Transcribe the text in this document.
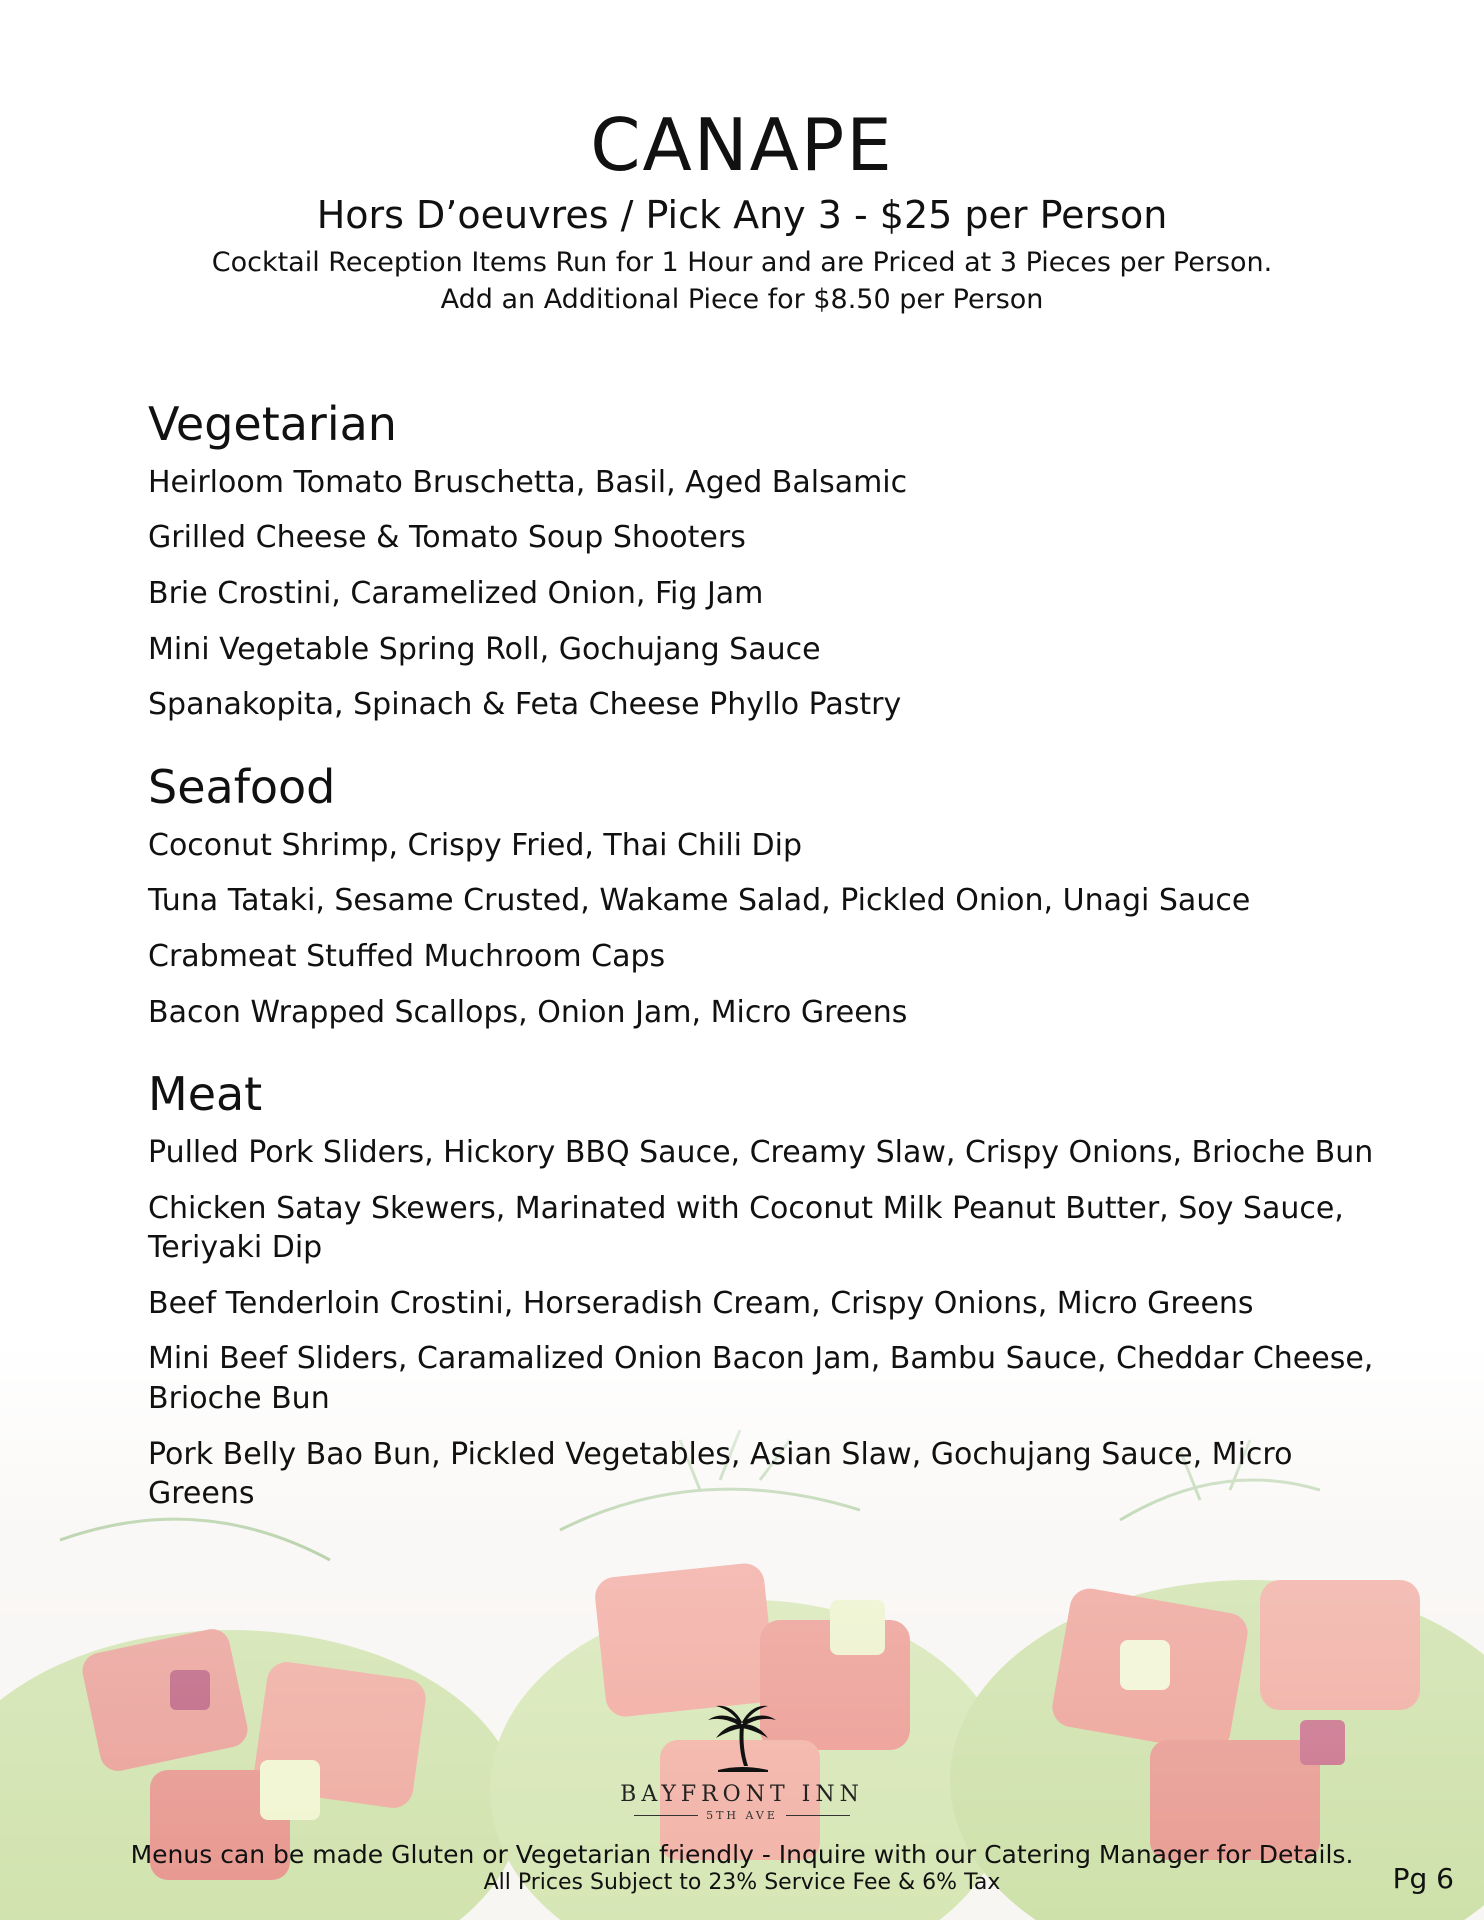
CANAPE
Hors D’oeuvres / Pick Any 3 - $25 per Person
Cocktail Reception Items Run for 1 Hour and are Priced at 3 Pieces per Person.
Add an Additional Piece for $8.50 per Person
Vegetarian
Heirloom Tomato Bruschetta, Basil, Aged Balsamic
Grilled Cheese & Tomato Soup Shooters
Brie Crostini, Caramelized Onion, Fig Jam
Mini Vegetable Spring Roll, Gochujang Sauce
Spanakopita, Spinach & Feta Cheese Phyllo Pastry
Seafood
Coconut Shrimp, Crispy Fried, Thai Chili Dip
Tuna Tataki, Sesame Crusted, Wakame Salad, Pickled Onion, Unagi Sauce
Crabmeat Stuffed Muchroom Caps
Bacon Wrapped Scallops, Onion Jam, Micro Greens
Meat
Pulled Pork Sliders, Hickory BBQ Sauce, Creamy Slaw, Crispy Onions, Brioche Bun
Chicken Satay Skewers, Marinated with Coconut Milk Peanut Butter, Soy Sauce, Teriyaki Dip
Beef Tenderloin Crostini, Horseradish Cream, Crispy Onions, Micro Greens
Mini Beef Sliders, Caramalized Onion Bacon Jam, Bambu Sauce, Cheddar Cheese, Brioche Bun
Pork Belly Bao Bun, Pickled Vegetables, Asian Slaw, Gochujang Sauce, Micro Greens
BAYFRONT INN
5TH AVE
Menus can be made Gluten or Vegetarian friendly - Inquire with our Catering Manager for Details.
All Prices Subject to 23% Service Fee & 6% Tax	Pg 6
